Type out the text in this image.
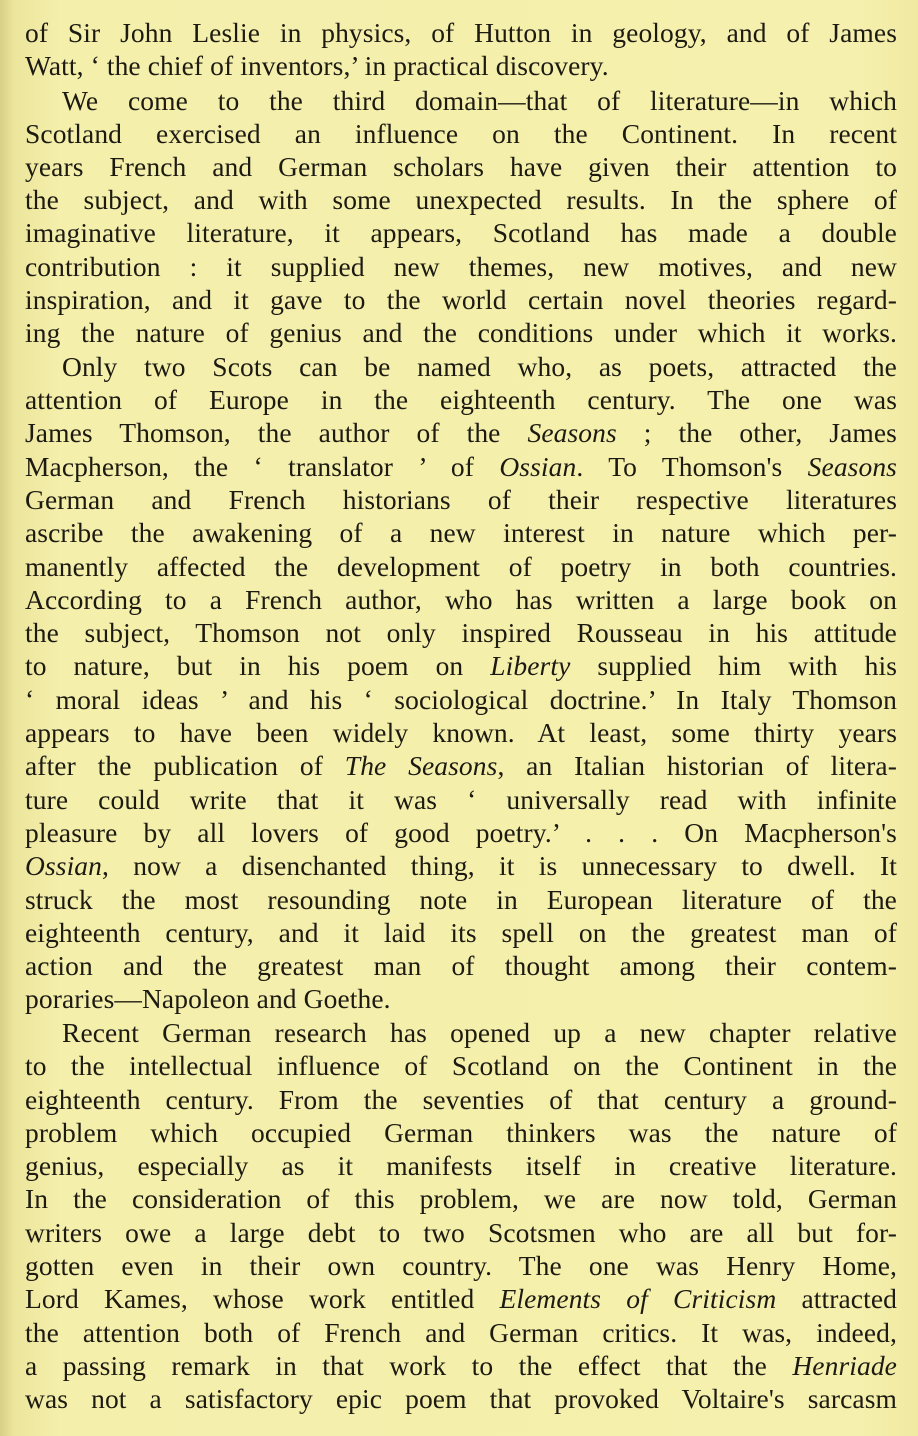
of Sir John Leslie in physics, of Hutton in geology, and of James
Watt, ‘ the chief of inventors,’ in practical discovery.
We come to the third domain—that of literature—in which
Scotland exercised an influence on the Continent. In recent
years French and German scholars have given their attention to
the subject, and with some unexpected results. In the sphere of
imaginative literature, it appears, Scotland has made a double
contribution : it supplied new themes, new motives, and new
inspiration, and it gave to the world certain novel theories regard-
ing the nature of genius and the conditions under which it works.
Only two Scots can be named who, as poets, attracted the
attention of Europe in the eighteenth century. The one was
James Thomson, the author of the Seasons ; the other, James
Macpherson, the ‘ translator ’ of Ossian. To Thomson's Seasons
German and French historians of their respective literatures
ascribe the awakening of a new interest in nature which per-
manently affected the development of poetry in both countries.
According to a French author, who has written a large book on
the subject, Thomson not only inspired Rousseau in his attitude
to nature, but in his poem on Liberty supplied him with his
‘ moral ideas ’ and his ‘ sociological doctrine.’ In Italy Thomson
appears to have been widely known. At least, some thirty years
after the publication of The Seasons, an Italian historian of litera-
ture could write that it was ‘ universally read with infinite
pleasure by all lovers of good poetry.’ . . . On Macpherson's
Ossian, now a disenchanted thing, it is unnecessary to dwell. It
struck the most resounding note in European literature of the
eighteenth century, and it laid its spell on the greatest man of
action and the greatest man of thought among their contem-
poraries—Napoleon and Goethe.
Recent German research has opened up a new chapter relative
to the intellectual influence of Scotland on the Continent in the
eighteenth century. From the seventies of that century a ground-
problem which occupied German thinkers was the nature of
genius, especially as it manifests itself in creative literature.
In the consideration of this problem, we are now told, German
writers owe a large debt to two Scotsmen who are all but for-
gotten even in their own country. The one was Henry Home,
Lord Kames, whose work entitled Elements of Criticism attracted
the attention both of French and German critics. It was, indeed,
a passing remark in that work to the effect that the Henriade
was not a satisfactory epic poem that provoked Voltaire's sarcasm
